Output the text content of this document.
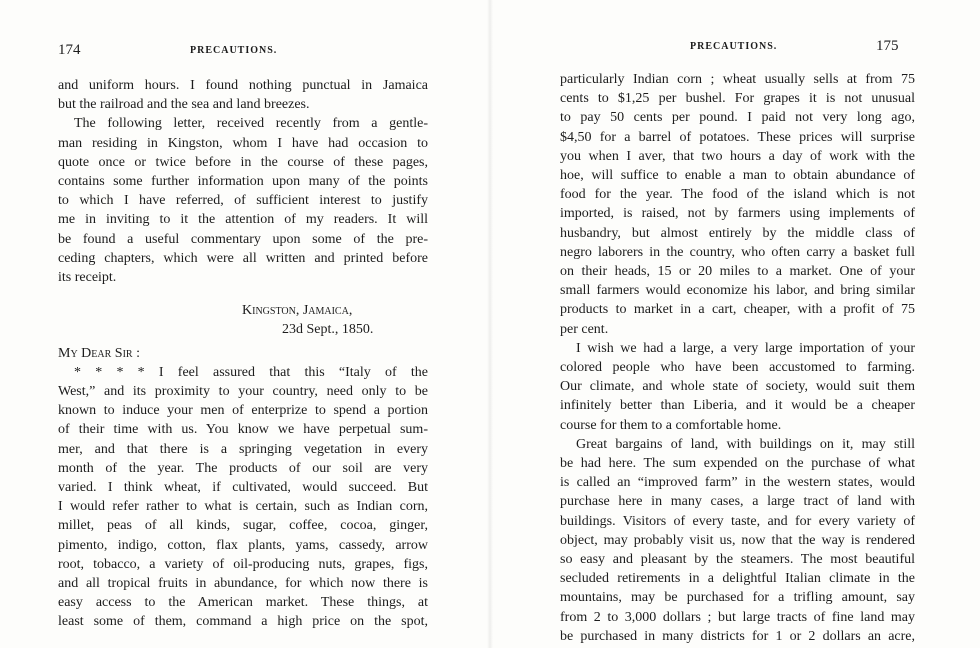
174	PRECAUTIONS.
and uniform hours. I found nothing punctual in Jamaica
but the railroad and the sea and land breezes.
The following letter, received recently from a gentle-
man residing in Kingston, whom I have had occasion to
quote once or twice before in the course of these pages,
contains some further information upon many of the points
to which I have referred, of sufficient interest to justify
me in inviting to it the attention of my readers. It will
be found a useful commentary upon some of the pre-
ceding chapters, which were all written and printed before
its receipt.
Kingston, Jamaica,
23d Sept., 1850.
My Dear Sir :
* * * * I feel assured that this “Italy of the
West,” and its proximity to your country, need only to be
known to induce your men of enterprize to spend a portion
of their time with us. You know we have perpetual sum-
mer, and that there is a springing vegetation in every
month of the year. The products of our soil are very
varied. I think wheat, if cultivated, would succeed. But
I would refer rather to what is certain, such as Indian corn,
millet, peas of all kinds, sugar, coffee, cocoa, ginger,
pimento, indigo, cotton, flax plants, yams, cassedy, arrow
root, tobacco, a variety of oil-producing nuts, grapes, figs,
and all tropical fruits in abundance, for which now there is
easy access to the American market. These things, at
least some of them, command a high price on the spot,
PRECAUTIONS.	175
particularly Indian corn ; wheat usually sells at from 75
cents to $1,25 per bushel. For grapes it is not unusual
to pay 50 cents per pound. I paid not very long ago,
$4,50 for a barrel of potatoes. These prices will surprise
you when I aver, that two hours a day of work with the
hoe, will suffice to enable a man to obtain abundance of
food for the year. The food of the island which is not
imported, is raised, not by farmers using implements of
husbandry, but almost entirely by the middle class of
negro laborers in the country, who often carry a basket full
on their heads, 15 or 20 miles to a market. One of your
small farmers would economize his labor, and bring similar
products to market in a cart, cheaper, with a profit of 75
per cent.
I wish we had a large, a very large importation of your
colored people who have been accustomed to farming.
Our climate, and whole state of society, would suit them
infinitely better than Liberia, and it would be a cheaper
course for them to a comfortable home.
Great bargains of land, with buildings on it, may still
be had here. The sum expended on the purchase of what
is called an “improved farm” in the western states, would
purchase here in many cases, a large tract of land with
buildings. Visitors of every taste, and for every variety of
object, may probably visit us, now that the way is rendered
so easy and pleasant by the steamers. The most beautiful
secluded retirements in a delightful Italian climate in the
mountains, may be purchased for a trifling amount, say
from 2 to 3,000 dollars ; but large tracts of fine land may
be purchased in many districts for 1 or 2 dollars an acre,
